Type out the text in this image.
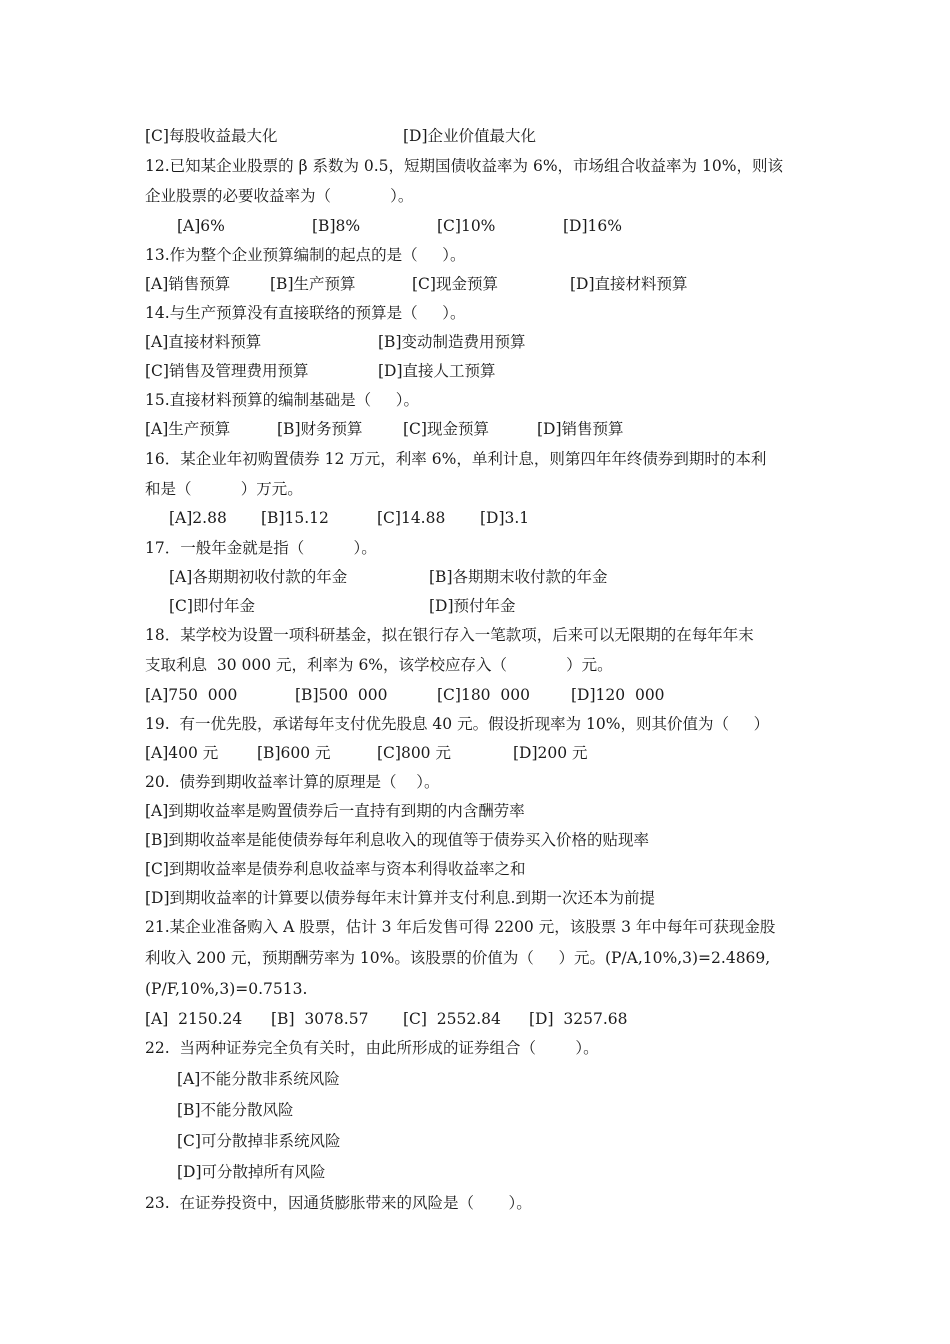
[C]每股收益最大化	[D]企业价值最大化
12.已知某企业股票的 β 系数为 0.5，短期国债收益率为 6%，市场组合收益率为 10%，则该
企业股票的必要收益率为（            ）。
[A]6%	[B]8%	[C]10%	[D]16%
13.作为整个企业预算编制的起点的是（     ）。
[A]销售预算	[B]生产预算	[C]现金预算	[D]直接材料预算
14.与生产预算没有直接联络的预算是（     ）。
[A]直接材料预算	[B]变动制造费用预算
[C]销售及管理费用预算	[D]直接人工预算
15.直接材料预算的编制基础是（     ）。
[A]生产预算	[B]财务预算	[C]现金预算	[D]销售预算
16．某企业年初购置债券 12 万元，利率 6%，单利计息，则第四年年终债券到期时的本利
和是（          ）万元。
[A]2.88 [B]15.12	[C]14.88 [D]3.1
17．一般年金就是指（          ）。
[A]各期期初收付款的年金	[B]各期期末收付款的年金
[C]即付年金	[D]预付年金
18．某学校为设置一项科研基金，拟在银行存入一笔款项，后来可以无限期的在每年年末
支取利息  30 000 元，利率为 6%，该学校应存入（            ）元。
[A]750  000	[B]500  000	[C]180  000	[D]120  000
19.  有一优先股，承诺每年支付优先股息 40 元。假设折现率为 10%，则其价值为（     ）
[A]400 元 [B]600 元	[C]800 元	[D]200 元
20.  债券到期收益率计算的原理是（    ）。
[A]到期收益率是购置债券后一直持有到期的内含酬劳率
[B]到期收益率是能使债券每年利息收入的现值等于债券买入价格的贴现率
[C]到期收益率是债券利息收益率与资本利得收益率之和
[D]到期收益率的计算要以债券每年末计算并支付利息.到期一次还本为前提
21.某企业准备购入 A 股票，估计 3 年后发售可得 2200 元，该股票 3 年中每年可获现金股
利收入 200 元，预期酬劳率为 10%。该股票的价值为（     ）元。(P/A,10%,3)=2.4869,
(P/F,10%,3)=0.7513.
[A]  2150.24 [B]  3078.57 [C]  2552.84 [D]  3257.68
22.  当两种证券完全负有关时，由此所形成的证券组合（        ）。
[A]不能分散非系统风险
[B]不能分散风险
[C]可分散掉非系统风险
[D]可分散掉所有风险
23.  在证券投资中，因通货膨胀带来的风险是（       ）。
